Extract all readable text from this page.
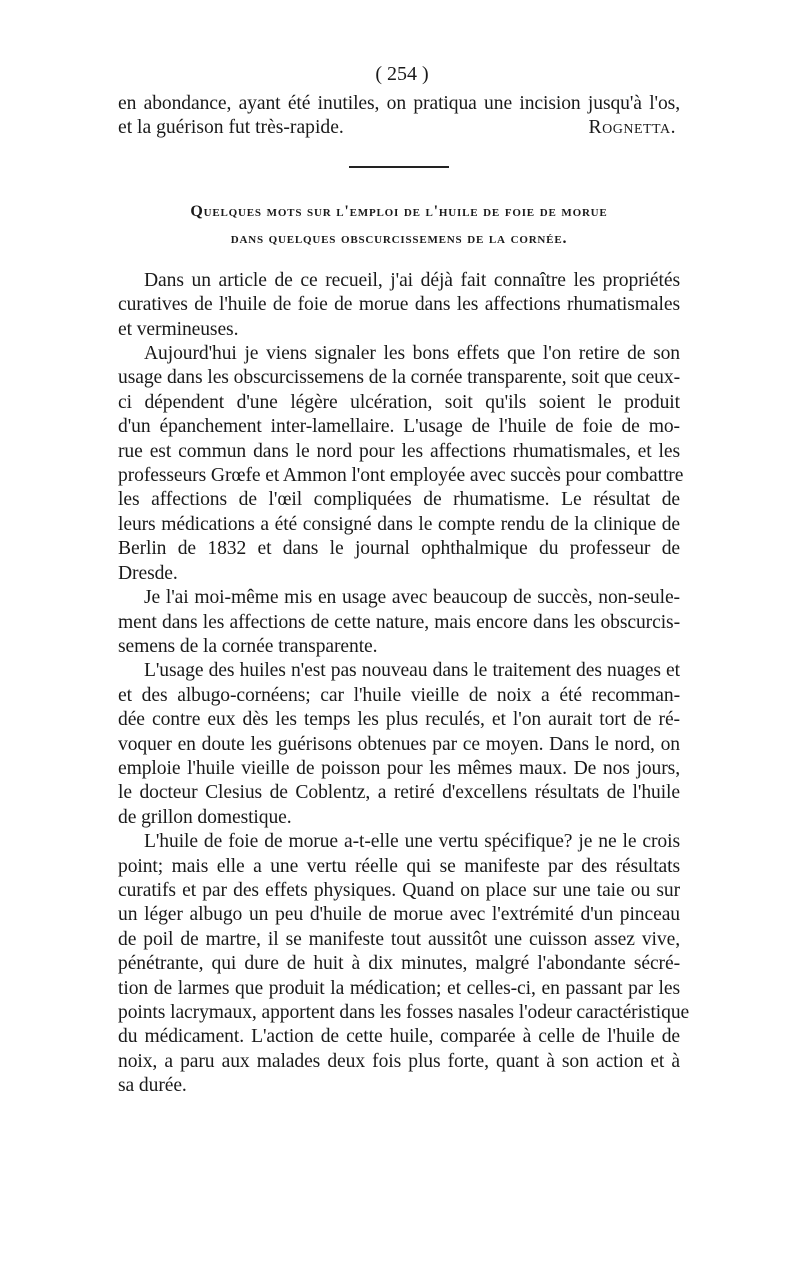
( 254 )
en abondance, ayant été inutiles, on pratiqua une incision jusqu'à l'os,
et la guérison fut très-rapide.	Rognetta.
Quelques mots sur l'emploi de l'huile de foie de morue
dans quelques obscurcissemens de la cornée.
Dans un article de ce recueil, j'ai déjà fait connaître les propriétés
curatives de l'huile de foie de morue dans les affections rhumatismales
et vermineuses.
Aujourd'hui je viens signaler les bons effets que l'on retire de son
usage dans les obscurcissemens de la cornée transparente, soit que ceux-
ci dépendent d'une légère ulcération, soit qu'ils soient le produit
d'un épanchement inter-lamellaire. L'usage de l'huile de foie de mo-
rue est commun dans le nord pour les affections rhumatismales, et les
professeurs Grœfe et Ammon l'ont employée avec succès pour combattre
les affections de l'œil compliquées de rhumatisme. Le résultat de
leurs médications a été consigné dans le compte rendu de la clinique de
Berlin de 1832 et dans le journal ophthalmique du professeur de
Dresde.
Je l'ai moi-même mis en usage avec beaucoup de succès, non-seule-
ment dans les affections de cette nature, mais encore dans les obscurcis-
semens de la cornée transparente.
L'usage des huiles n'est pas nouveau dans le traitement des nuages et
et des albugo-cornéens; car l'huile vieille de noix a été recomman-
dée contre eux dès les temps les plus reculés, et l'on aurait tort de ré-
voquer en doute les guérisons obtenues par ce moyen. Dans le nord, on
emploie l'huile vieille de poisson pour les mêmes maux. De nos jours,
le docteur Clesius de Coblentz, a retiré d'excellens résultats de l'huile
de grillon domestique.
L'huile de foie de morue a-t-elle une vertu spécifique? je ne le crois
point; mais elle a une vertu réelle qui se manifeste par des résultats
curatifs et par des effets physiques. Quand on place sur une taie ou sur
un léger albugo un peu d'huile de morue avec l'extrémité d'un pinceau
de poil de martre, il se manifeste tout aussitôt une cuisson assez vive,
pénétrante, qui dure de huit à dix minutes, malgré l'abondante sécré-
tion de larmes que produit la médication; et celles-ci, en passant par les
points lacrymaux, apportent dans les fosses nasales l'odeur caractéristique
du médicament. L'action de cette huile, comparée à celle de l'huile de
noix, a paru aux malades deux fois plus forte, quant à son action et à
sa durée.
